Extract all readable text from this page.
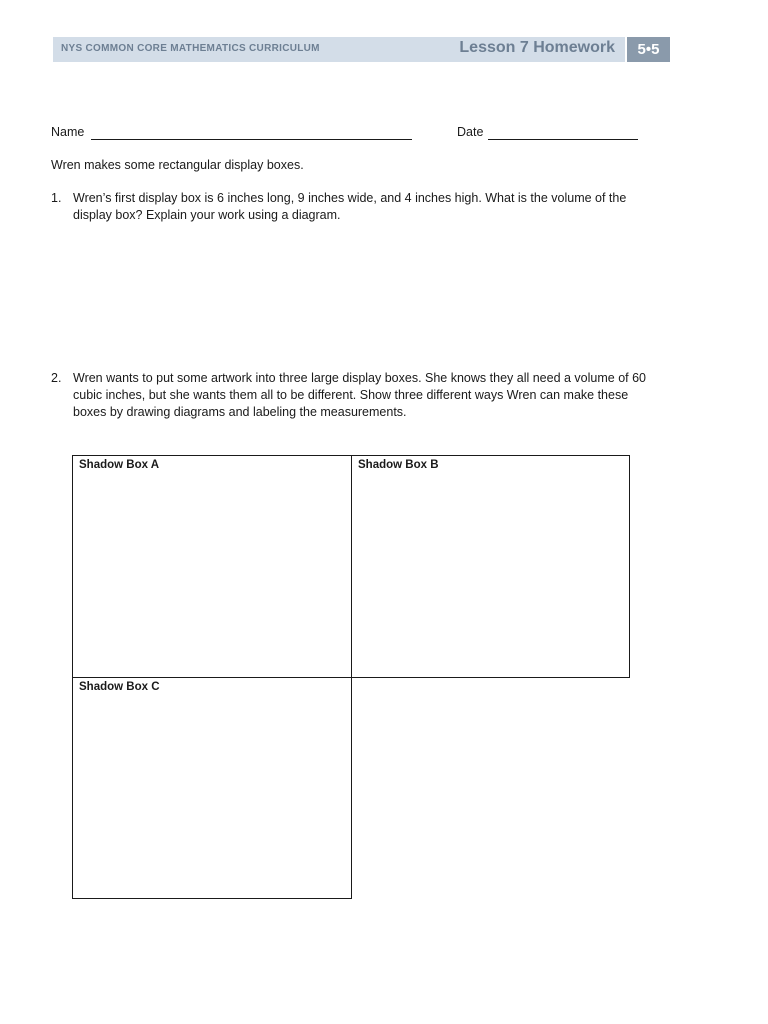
NYS COMMON CORE MATHEMATICS CURRICULUM	Lesson 7 Homework	5•5
Name	Date
Wren makes some rectangular display boxes.
1. Wren’s first display box is 6 inches long, 9 inches wide, and 4 inches high. What is the volume of the
display box? Explain your work using a diagram.
2. Wren wants to put some artwork into three large display boxes. She knows they all need a volume of 60
cubic inches, but she wants them all to be different. Show three different ways Wren can make these
boxes by drawing diagrams and labeling the measurements.
Shadow Box A	Shadow Box B
Shadow Box C
